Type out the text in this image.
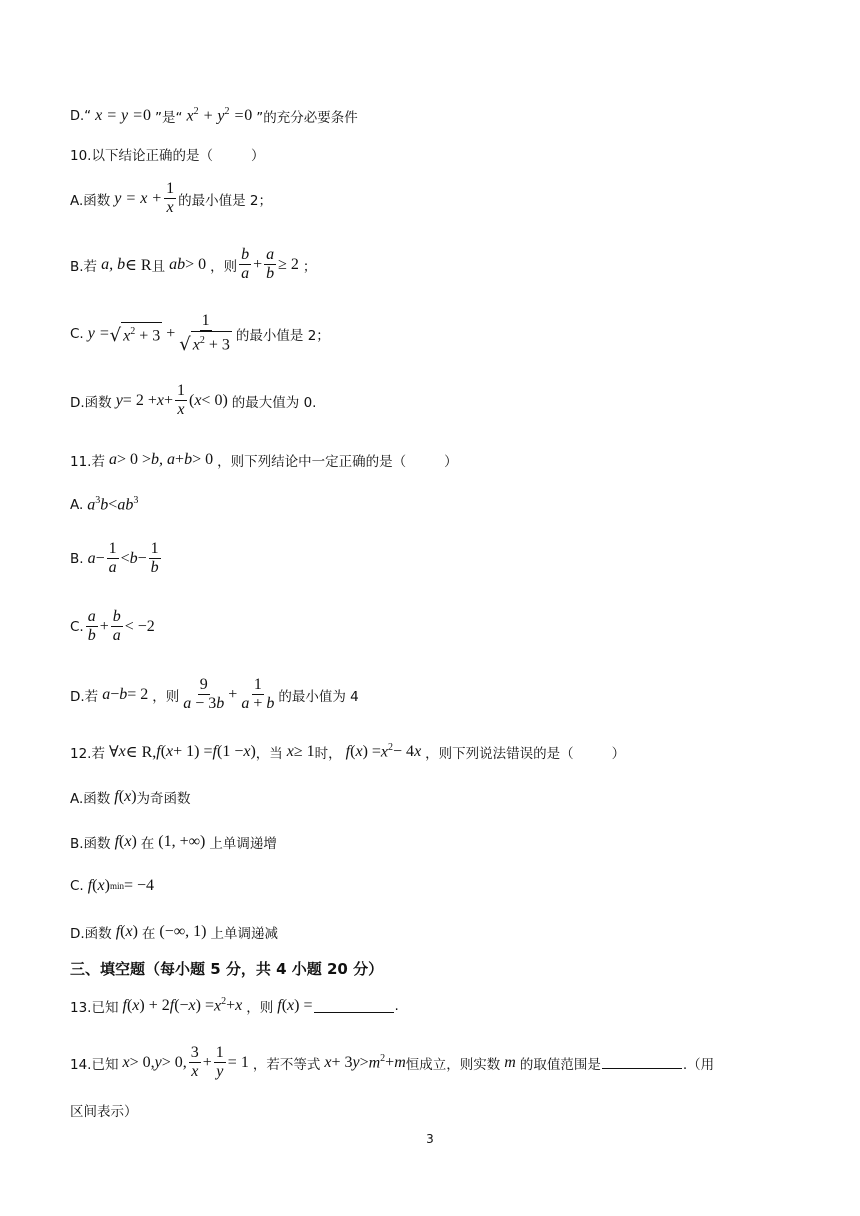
D. “ x = y = 0 ”是“ $x^2 + y^2 = 0$ ”的充分必要条件
10.以下结论正确的是（	）
A.函数 $y = x + \frac{1}{x}$ 的最小值是 2；
B.若 a, b ∈ R 且 ab > 0 ，则 $\frac{b}{a} + \frac{a}{b} \ge 2$ ；
C. y = √ $x^2 + 3 + \frac{1}{√ x^2 + 3}$ 的最小值是 2；
D.函数 $y = 2 + x + \frac{1}{x}$ ( x < 0) 的最大值为 0.
11.若 a > 0 > b, a + b > 0 ，则下列结论中一定正确的是（	）
A. $a^3b < ab^3$
B. $a - \frac{1}{a} < b - \frac{1}{b}$
C. $\frac{a}{b} + \frac{b}{a} < -2$
D.若 a − b = 2 ，则 $\frac{9}{a - 3b} + \frac{1}{a + b}$ 的最小值为 4
12.若 ∀ x ∈ R, f ( x + 1) = f (1 − x ) ，当 x ≥ 1 时， f ( x ) = $x^2 - 4$ x ，则下列说法错误的是（	）
A.函数 f ( x ) 为奇函数
B.函数 f ( x ) 在 (1, +∞) 上单调递增
C. f ( x ) min = −4
D.函数 f ( x ) 在 (−∞, 1) 上单调递减
三、填空题（每小题 5 分，共 4 小题 20 分）
13.已知 f ( x ) + 2 f (− x ) = $x^2 + x$ ，则 f ( x ) =	.
14.已知 x > 0, y > 0, $\frac{3}{x} + \frac{1}{y} = 1$ ，若不等式 x + 3 $y > m^2 + m$ 恒成立，则实数 m 的取值范围是	.（用
区间表示）
3
